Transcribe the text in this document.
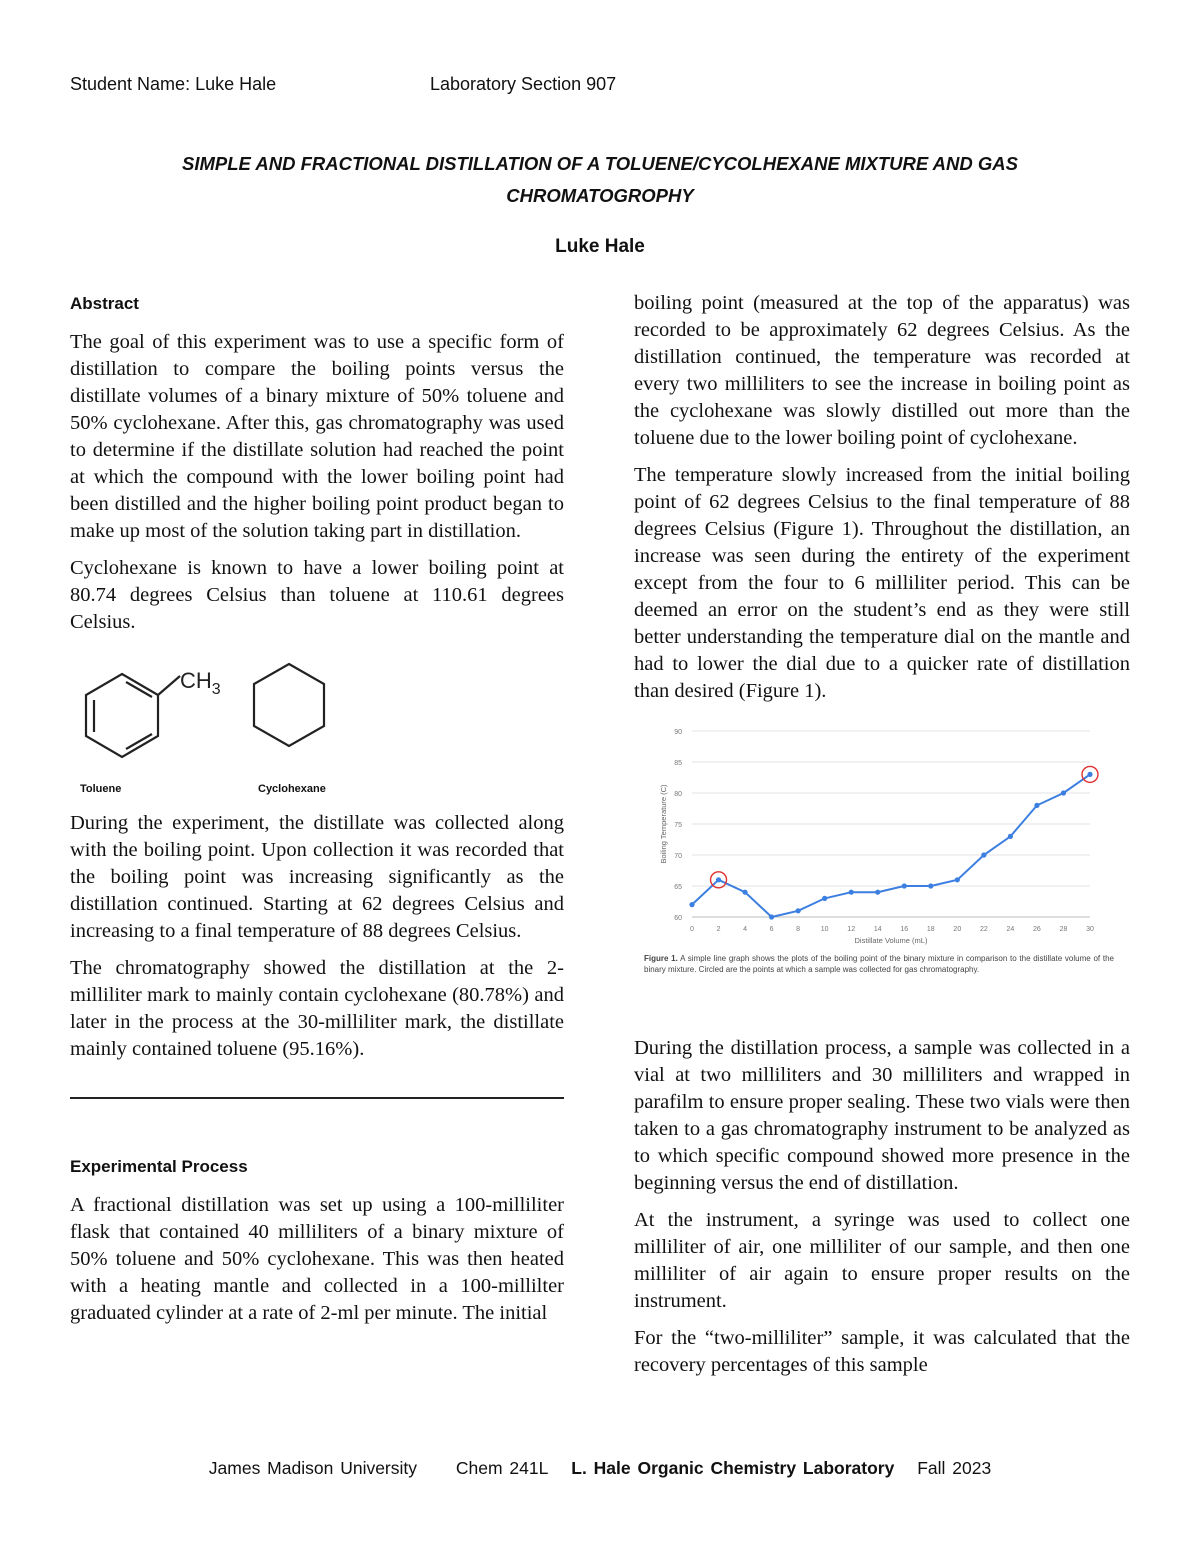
Student Name: Luke Hale	Laboratory Section 907
SIMPLE AND FRACTIONAL DISTILLATION OF A TOLUENE/CYCOLHEXANE MIXTURE AND GAS CHROMATOGROPHY
Luke Hale
Abstract

The goal of this experiment was to use a specific form of distillation to compare the boiling points versus the distillate volumes of a binary mixture of 50% toluene and 50% cyclohexane. After this, gas chromatography was used to determine if the distillate solution had reached the point at which the compound with the lower boiling point had been distilled and the higher boiling point product began to make up most of the solution taking part in distillation.

Cyclohexane is known to have a lower boiling point at 80.74 degrees Celsius than toluene at 110.61 degrees Celsius.

$CH_3$
Toluene	Cyclohexane

During the experiment, the distillate was collected along with the boiling point. Upon collection it was recorded that the boiling point was increasing significantly as the distillation continued. Starting at 62 degrees Celsius and increasing to a final temperature of 88 degrees Celsius.

The chromatography showed the distillation at the 2-milliliter mark to mainly contain cyclohexane (80.78%) and later in the process at the 30-milliliter mark, the distillate mainly contained toluene (95.16%).

Experimental Process

A fractional distillation was set up using a 100-milliliter flask that contained 40 milliliters of a binary mixture of 50% toluene and 50% cyclohexane. This was then heated with a heating mantle and collected in a 100-millilter graduated cylinder at a rate of 2-ml per minute. The initial

boiling point (measured at the top of the apparatus) was recorded to be approximately 62 degrees Celsius. As the distillation continued, the temperature was recorded at every two milliliters to see the increase in boiling point as the cyclohexane was slowly distilled out more than the toluene due to the lower boiling point of cyclohexane.

The temperature slowly increased from the initial boiling point of 62 degrees Celsius to the final temperature of 88 degrees Celsius (Figure 1). Throughout the distillation, an increase was seen during the entirety of the experiment except from the four to 6 milliliter period. This can be deemed an error on the student’s end as they were still better understanding the temperature dial on the mantle and had to lower the dial due to a quicker rate of distillation than desired (Figure 1).

60
65
70
75
80
85
90
0	2	4	6	8	10	12	14	16	18	20	22	24	26	28	30
Distillate Volume (mL)
Boiling Temperature (C)
Figure 1. A simple line graph shows the plots of the boiling point of the binary mixture in comparison to the distillate volume of the binary mixture. Circled are the points at which a sample was collected for gas chromatography.

During the distillation process, a sample was collected in a vial at two milliliters and 30 milliliters and wrapped in parafilm to ensure proper sealing. These two vials were then taken to a gas chromatography instrument to be analyzed as to which specific compound showed more presence in the beginning versus the end of distillation.

At the instrument, a syringe was used to collect one milliliter of air, one milliliter of our sample, and then one milliliter of air again to ensure proper results on the instrument.

For the “two-milliliter” sample, it was calculated that the recovery percentages of this sample

James Madison University Chem 241L L. Hale Organic Chemistry Laboratory Fall 2023
